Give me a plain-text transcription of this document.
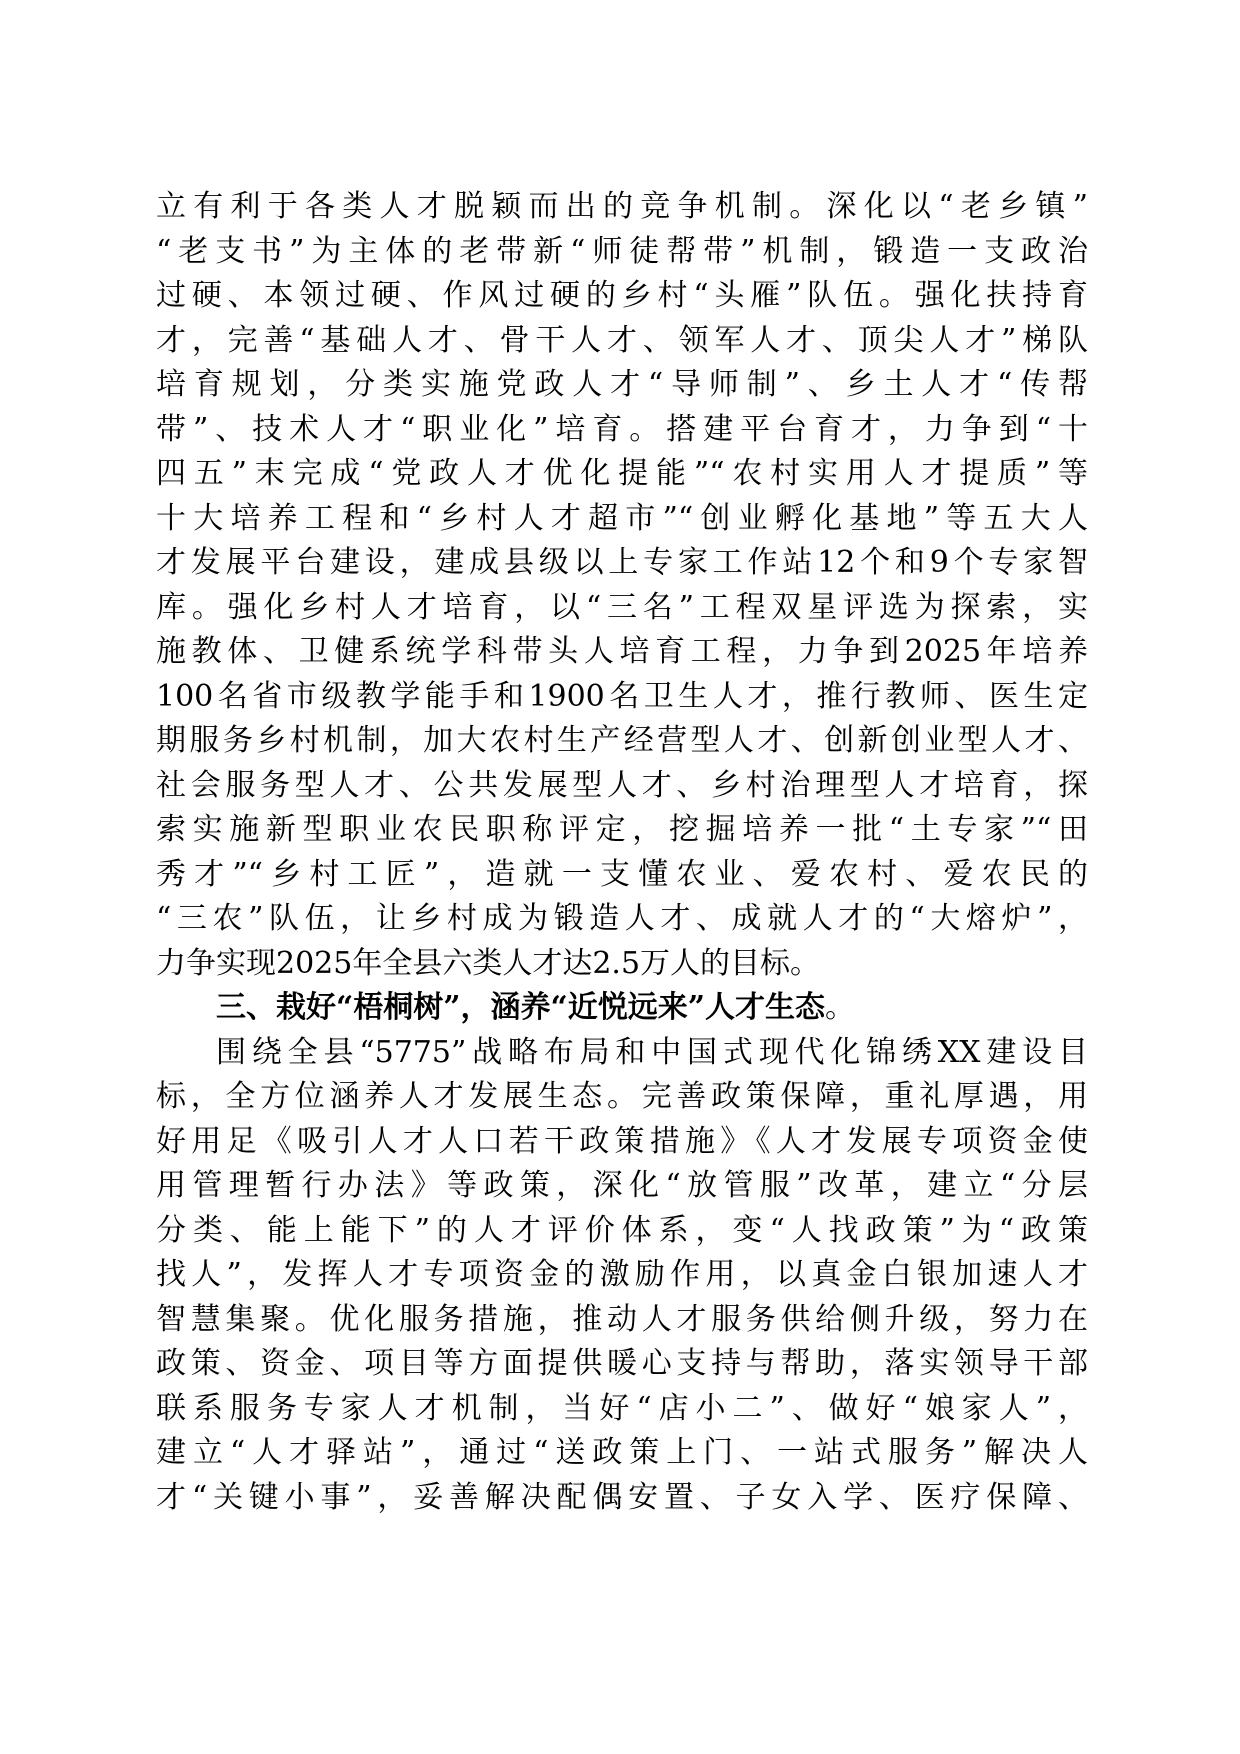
立有利于各类人才脱颖而出的竞争机制。深化以“老乡镇”
“老支书”为主体的老带新“师徒帮带”机制，锻造一支政治
过硬、本领过硬、作风过硬的乡村“头雁”队伍。强化扶持育
才，完善“基础人才、骨干人才、领军人才、顶尖人才”梯队
培育规划，分类实施党政人才“导师制”、乡土人才“传帮
带”、技术人才“职业化”培育。搭建平台育才，力争到“十
四五”末完成“党政人才优化提能”“农村实用人才提质”等
十大培养工程和“乡村人才超市”“创业孵化基地”等五大人
才发展平台建设，建成县级以上专家工作站12个和9个专家智
库。强化乡村人才培育，以“三名”工程双星评选为探索，实
施教体、卫健系统学科带头人培育工程，力争到2025年培养
100名省市级教学能手和1900名卫生人才，推行教师、医生定
期服务乡村机制，加大农村生产经营型人才、创新创业型人才、
社会服务型人才、公共发展型人才、乡村治理型人才培育，探
索实施新型职业农民职称评定，挖掘培养一批“土专家”“田
秀才”“乡村工匠”，造就一支懂农业、爱农村、爱农民的
“三农”队伍，让乡村成为锻造人才、成就人才的“大熔炉”，
力争实现2025年全县六类人才达2.5万人的目标。
三、栽好“梧桐树”，涵养“近悦远来”人才生态。
围绕全县“5775”战略布局和中国式现代化锦绣XX建设目
标，全方位涵养人才发展生态。完善政策保障，重礼厚遇，用
好用足《吸引人才人口若干政策措施》《人才发展专项资金使
用管理暂行办法》等政策，深化“放管服”改革，建立“分层
分类、能上能下”的人才评价体系，变“人找政策”为“政策
找人”，发挥人才专项资金的激励作用，以真金白银加速人才
智慧集聚。优化服务措施，推动人才服务供给侧升级，努力在
政策、资金、项目等方面提供暖心支持与帮助，落实领导干部
联系服务专家人才机制，当好“店小二”、做好“娘家人”，
建立“人才驿站”，通过“送政策上门、一站式服务”解决人
才“关键小事”，妥善解决配偶安置、子女入学、医疗保障、
